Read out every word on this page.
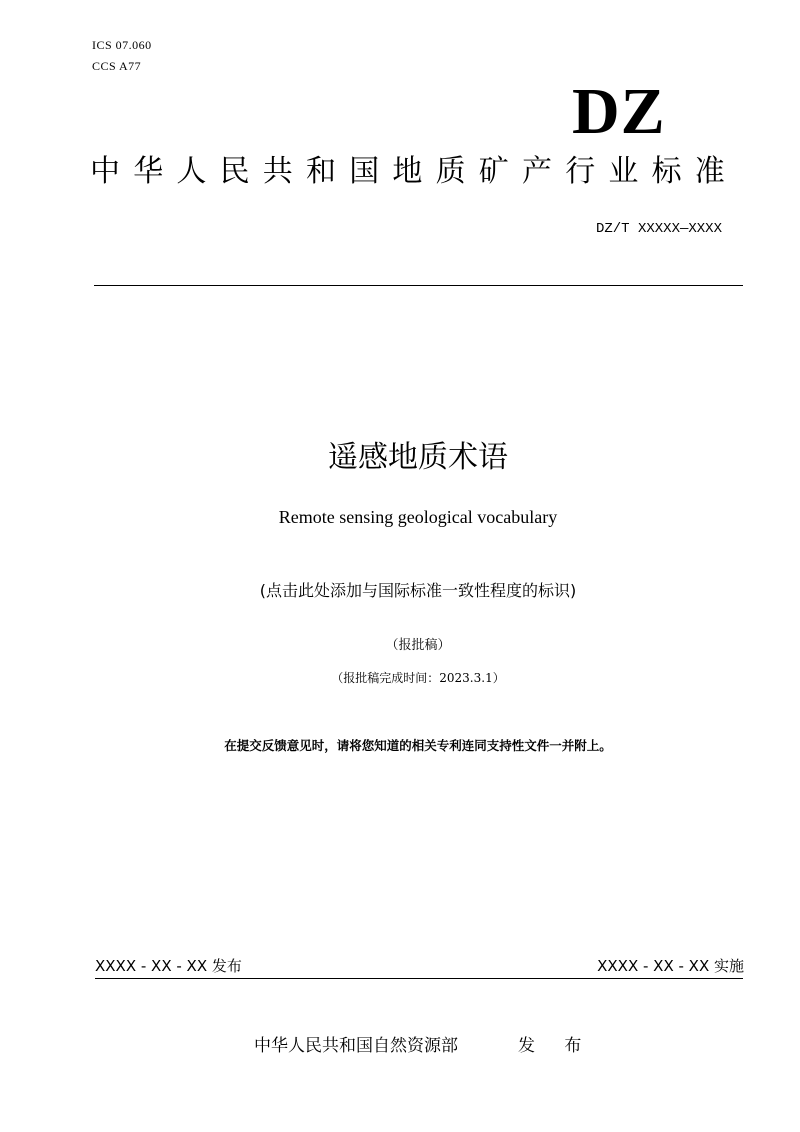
ICS 07.060
CCS A77
DZ
中华人民共和国地质矿产行业标准
DZ/T XXXXX—XXXX
遥感地质术语
Remote sensing geological vocabulary
(点击此处添加与国际标准一致性程度的标识)
（报批稿）
（报批稿完成时间：2023.3.1）
在提交反馈意见时，请将您知道的相关专利连同支持性文件一并附上。
XXXX - XX - XX 发布	XXXX - XX - XX 实施
中华人民共和国自然资源部	发 布
